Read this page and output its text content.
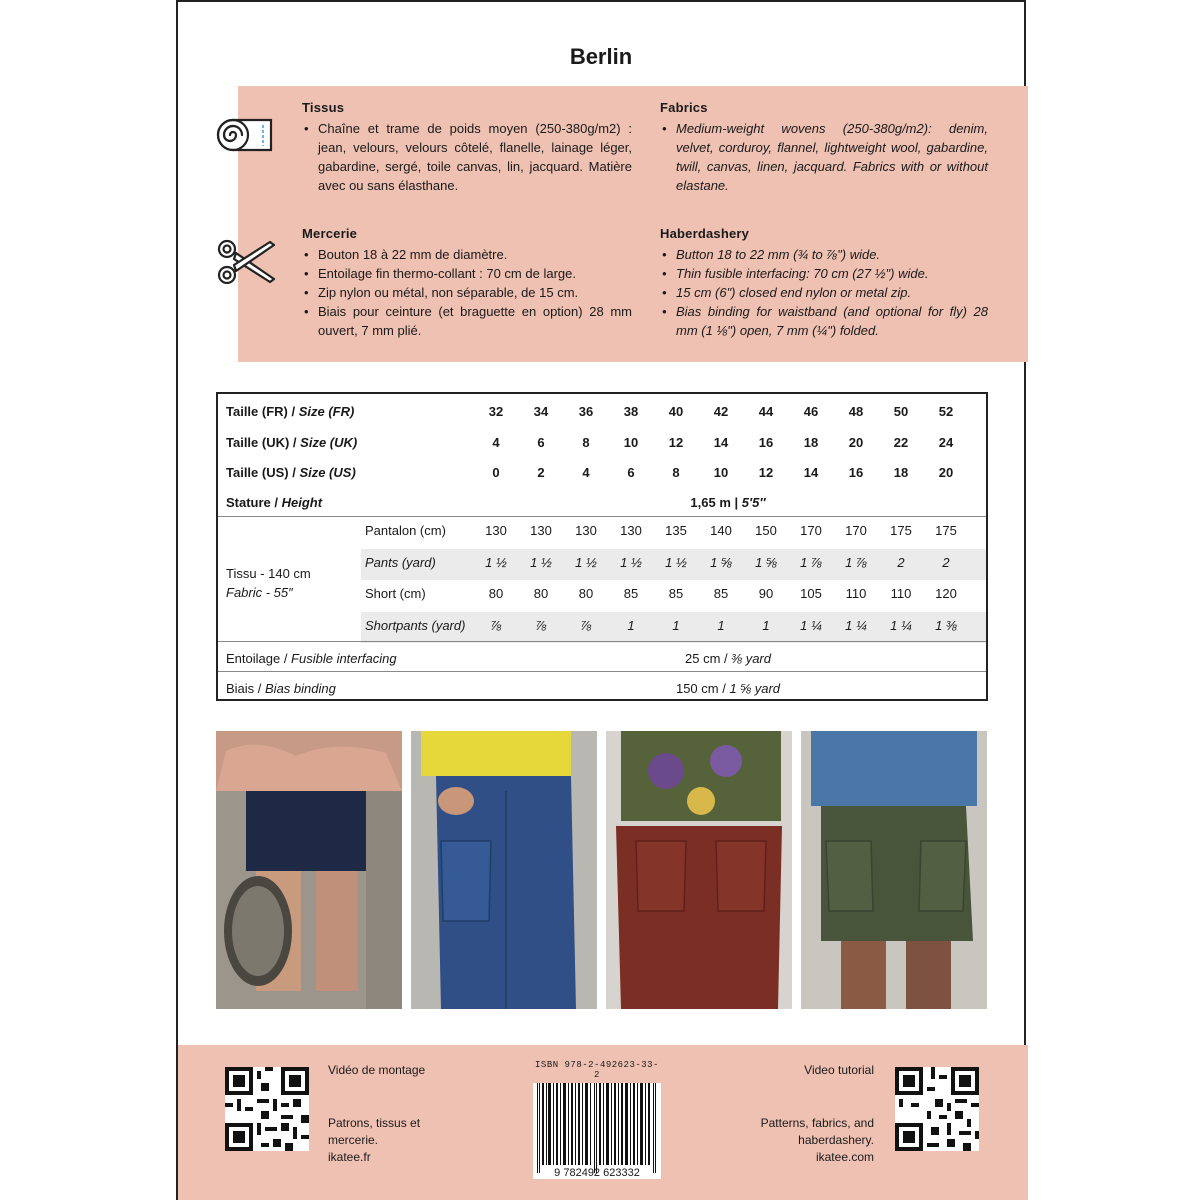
Berlin
Tissus
• Chaîne et trame de poids moyen (250-380g/m2) : jean, velours, velours côtelé, flanelle, lainage léger, gabardine, sergé, toile canvas, lin, jacquard. Matière avec ou sans élasthane.
Fabrics
• Medium-weight wovens (250-380g/m2): denim, velvet, corduroy, flannel, lightweight wool, gabardine, twill, canvas, linen, jacquard. Fabrics with or without elastane.
Mercerie
• Bouton 18 à 22 mm de diamètre.
• Entoilage fin thermo-collant : 70 cm de large.
• Zip nylon ou métal, non séparable, de 15 cm.
• Biais pour ceinture (et braguette en option) 28 mm ouvert, 7 mm plié.
Haberdashery
• Button 18 to 22 mm (¾ to ⅞") wide.
• Thin fusible interfacing: 70 cm (27 ½") wide.
• 15 cm (6") closed end nylon or metal zip.
• Bias binding for waistband (and optional for fly) 28 mm (1 ⅛") open, 7 mm (¼") folded.
Taille (FR) / Size (FR)	32	34	36	38	40	42	44	46	48	50	52
Taille (UK) / Size (UK)	4	6	8	10	12	14	16	18	20	22	24
Taille (US) / Size (US)	0	2	4	6	8	10	12	14	16	18	20
Stature / Height	1,65 m | 5′5″
Tissu - 140 cm
Fabric - 55″
Pantalon (cm)	130	130	130	130	135	140	150	170	170	175	175
Pants (yard)	1 ½	1 ½	1 ½	1 ½	1 ½	1 ⅝	1 ⅝	1 ⅞	1 ⅞	2	2
Short (cm)	80	80	80	85	85	85	90	105	110	110	120
Shortpants (yard)	⅞	⅞	⅞	1	1	1	1	1 ¼	1 ¼	1 ¼	1 ⅜
Entoilage / Fusible interfacing	25 cm / ⅜ yard
Biais / Bias binding	150 cm / 1 ⅝ yard
Vidéo de montage
Patrons, tissus et
mercerie.
ikatee.fr
ISBN 978-2-492623-33-2
9 782492 623332
Video tutorial
Patterns, fabrics, and
haberdashery.
ikatee.com
